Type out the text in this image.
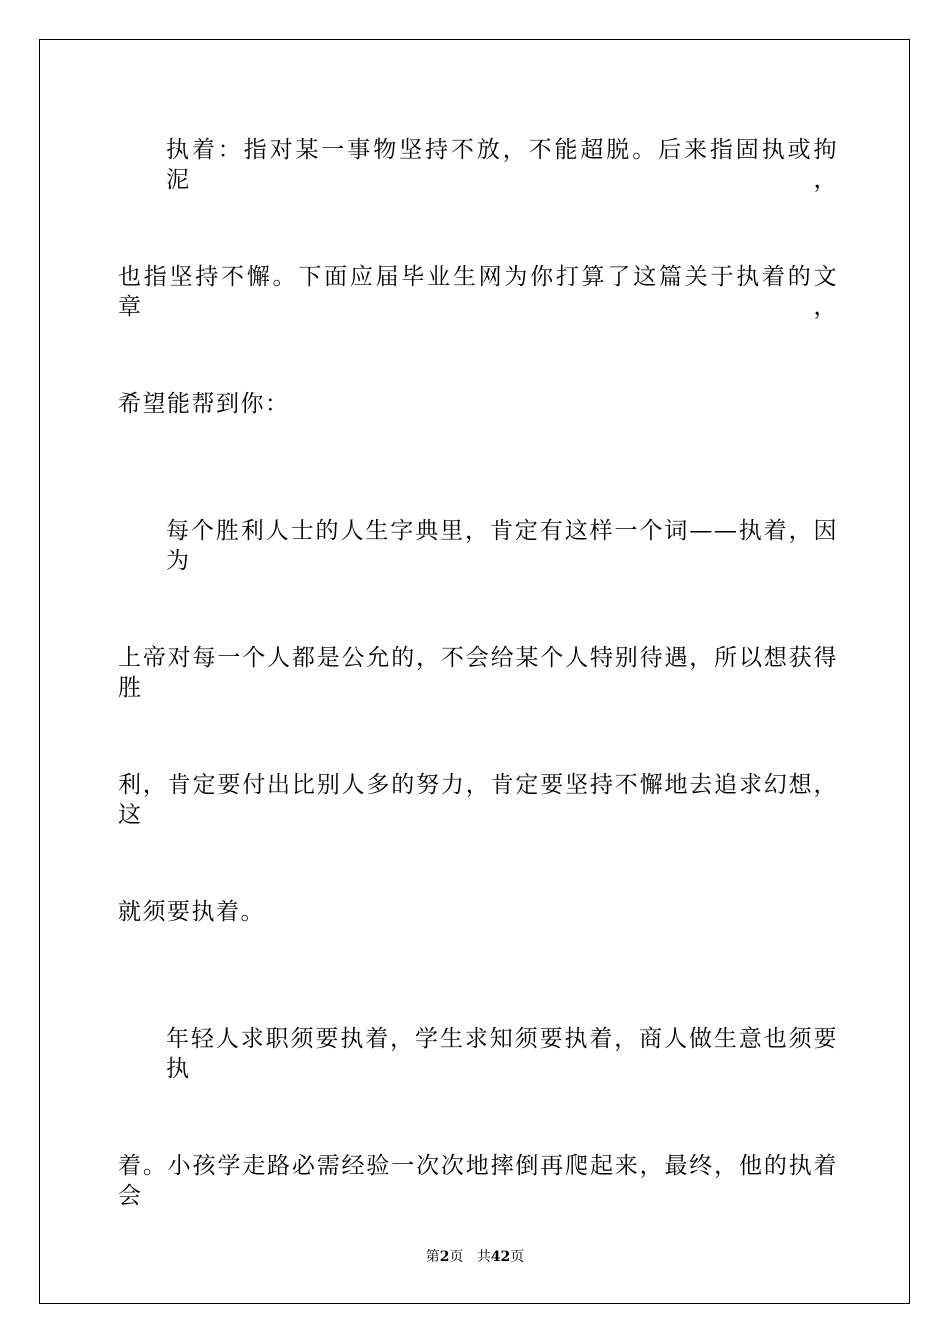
执着：指对某一事物坚持不放，不能超脱。后来指固执或拘泥，
也指坚持不懈。下面应届毕业生网为你打算了这篇关于执着的文章，
希望能帮到你：
每个胜利人士的人生字典里，肯定有这样一个词——执着，因为
上帝对每一个人都是公允的，不会给某个人特别待遇，所以想获得胜
利，肯定要付出比别人多的努力，肯定要坚持不懈地去追求幻想，这
就须要执着。
年轻人求职须要执着，学生求知须要执着，商人做生意也须要执
着。小孩学走路必需经验一次次地摔倒再爬起来，最终，他的执着会
第2页 共42页
